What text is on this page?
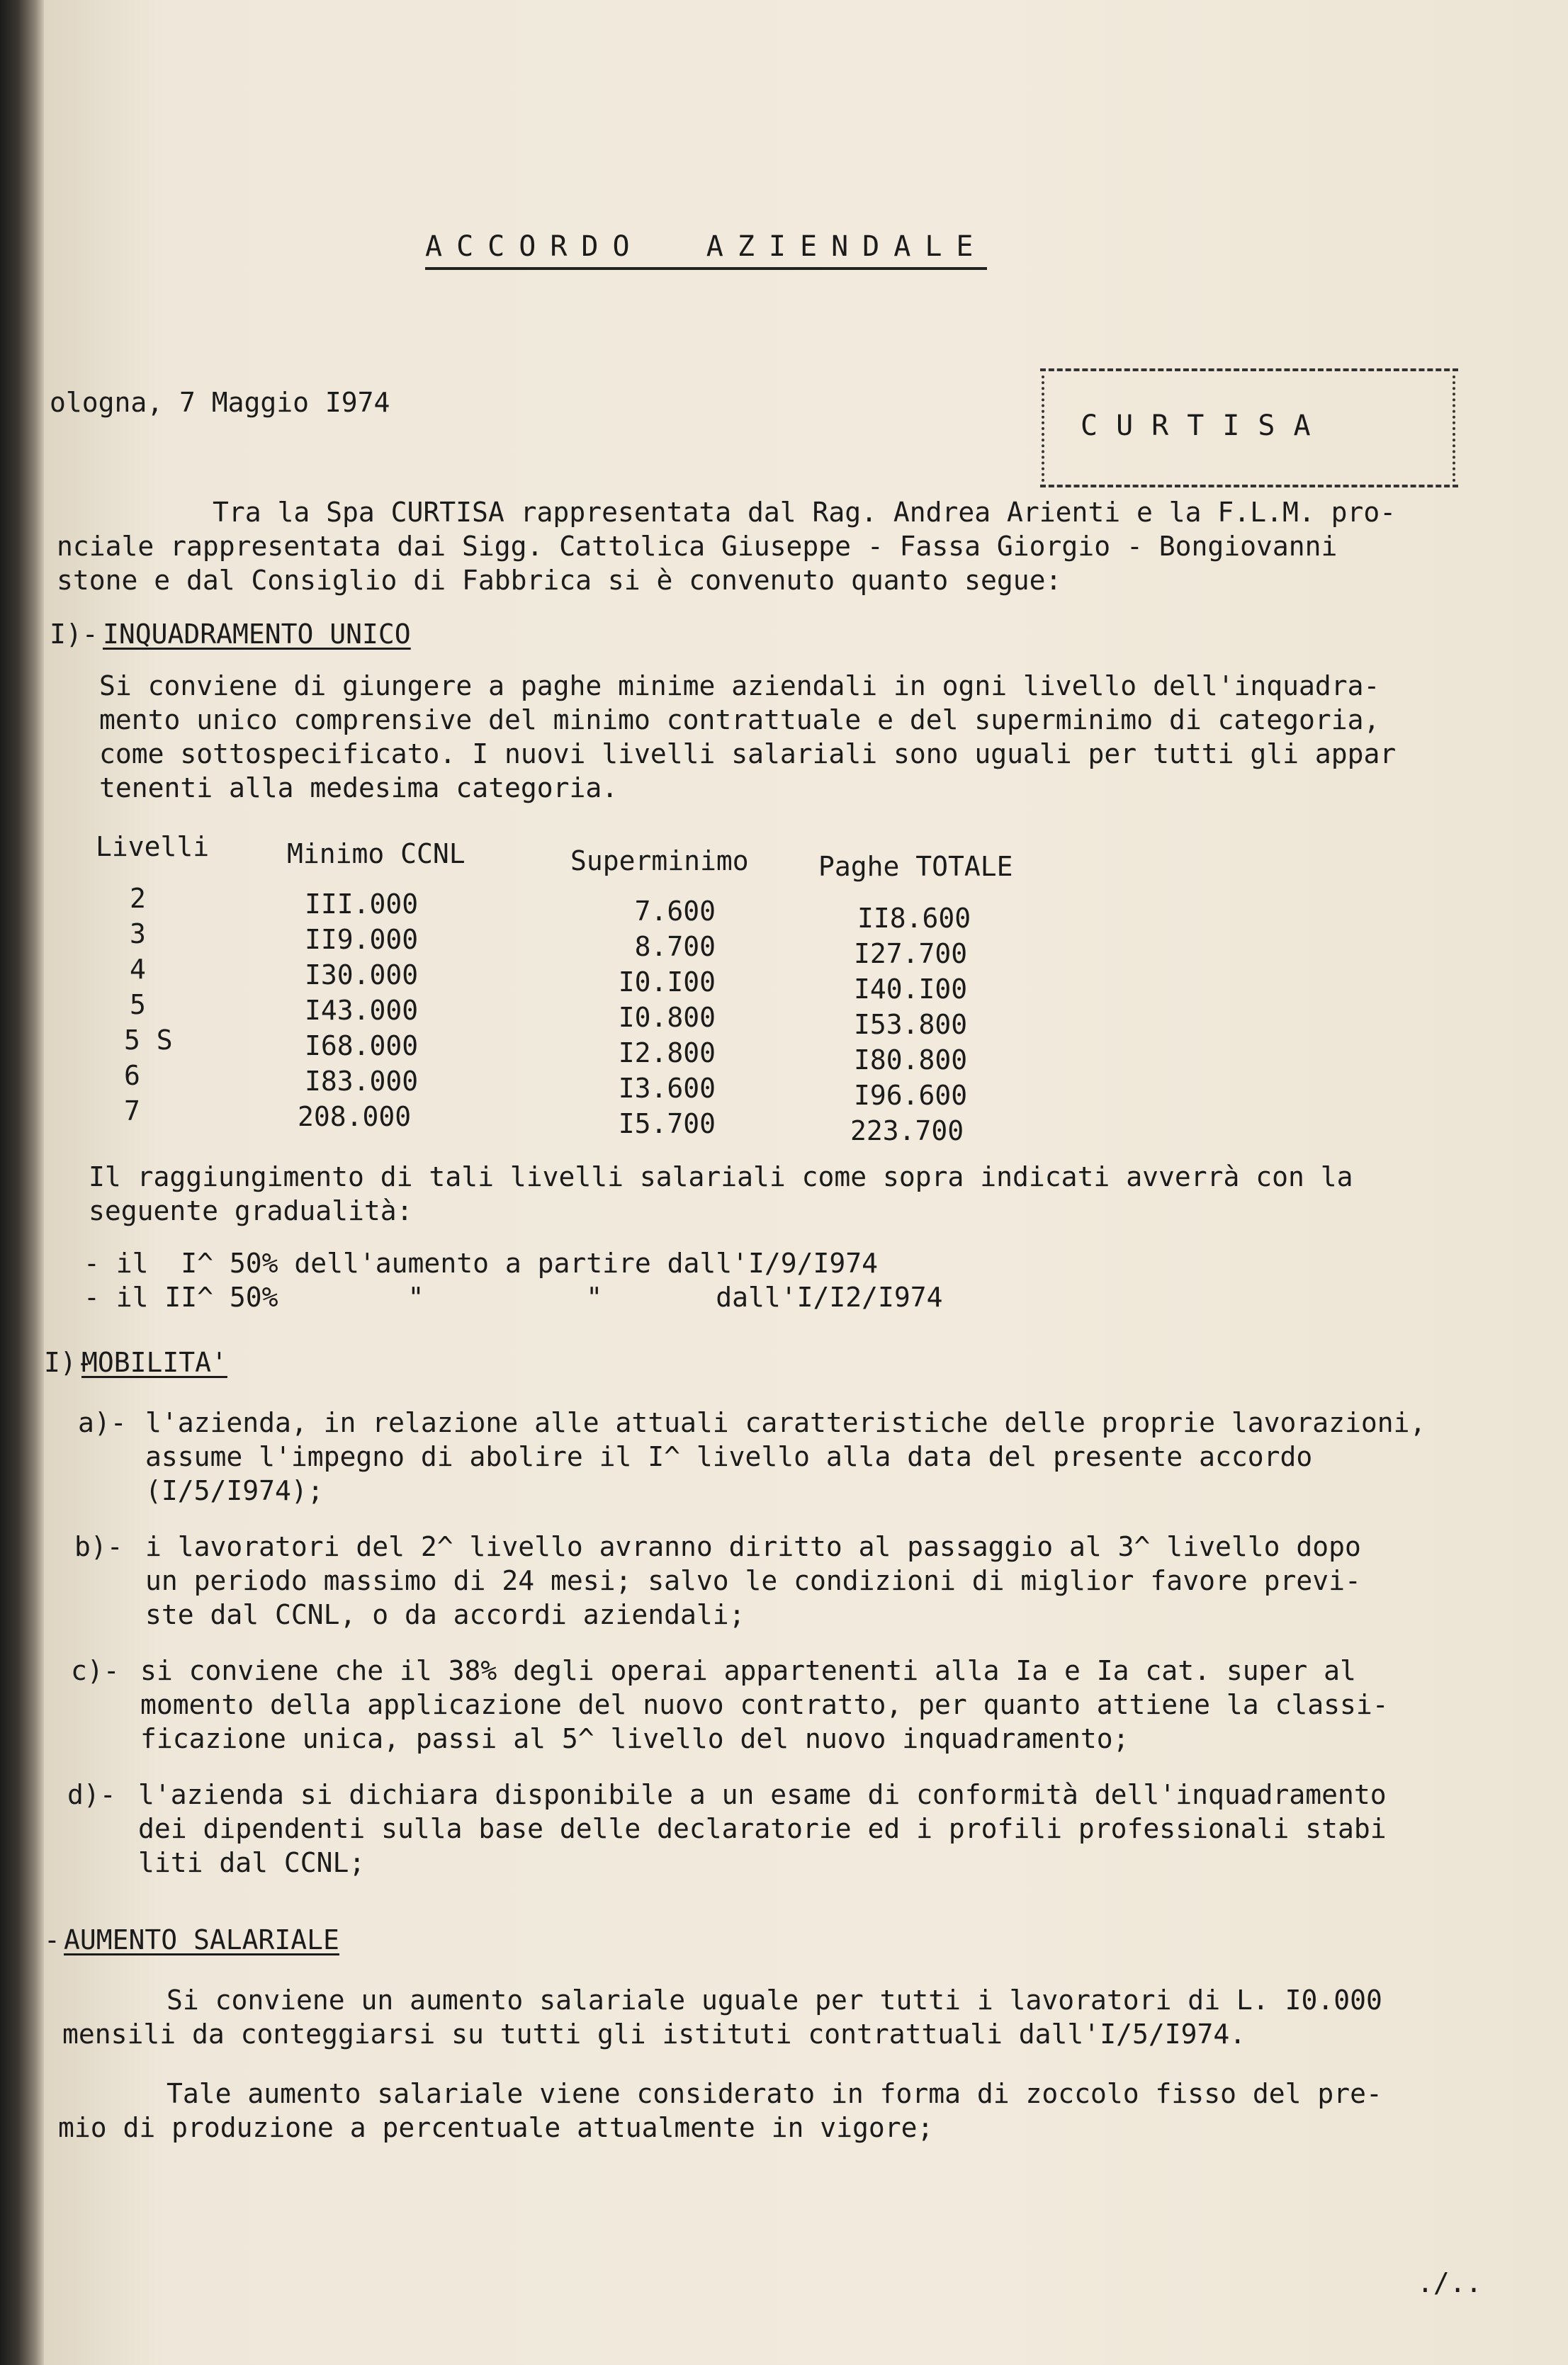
ACCORDO  AZIENDALE
ologna, 7 Maggio I974
CURTISA
Tra la Spa CURTISA rappresentata dal Rag. Andrea Arienti e la F.L.M. pro-
nciale rappresentata dai Sigg. Cattolica Giuseppe - Fassa Giorgio - Bongiovanni
stone e dal Consiglio di Fabbrica si è convenuto quanto segue:
I)- INQUADRAMENTO UNICO
Si conviene di giungere a paghe minime aziendali in ogni livello dell'inquadra-
mento unico comprensive del minimo contrattuale e del superminimo di categoria,
come sottospecificato. I nuovi livelli salariali sono uguali per tutti gli appar
tenenti alla medesima categoria.
Livelli	Minimo CCNL	Superminimo	Paghe TOTALE
2	III.000	7.600	II8.600
3	II9.000	8.700	I27.700
4	I30.000	I0.I00	I40.I00
5	I43.000	I0.800	I53.800
5 S	I68.000	I2.800	I80.800
6	I83.000	I3.600	I96.600
7	208.000	I5.700	223.700
Il raggiungimento di tali livelli salariali come sopra indicati avverrà con la
seguente gradualità:
- il  I^ 50% dell'aumento a partire dall'I/9/I974
- il II^ 50%        "          "       dall'I/I2/I974
I)-
MOBILITA'
a)- l'azienda, in relazione alle attuali caratteristiche delle proprie lavorazioni,
assume l'impegno di abolire il I^ livello alla data del presente accordo
(I/5/I974);
b)- i lavoratori del 2^ livello avranno diritto al passaggio al 3^ livello dopo
un periodo massimo di 24 mesi; salvo le condizioni di miglior favore previ-
ste dal CCNL, o da accordi aziendali;
c)- si conviene che il 38% degli operai appartenenti alla Ia e Ia cat. super al
momento della applicazione del nuovo contratto, per quanto attiene la classi-
ficazione unica, passi al 5^ livello del nuovo inquadramento;
d)- l'azienda si dichiara disponibile a un esame di conformità dell'inquadramento
dei dipendenti sulla base delle declaratorie ed i profili professionali stabi
liti dal CCNL;
- AUMENTO SALARIALE
Si conviene un aumento salariale uguale per tutti i lavoratori di L. I0.000
mensili da conteggiarsi su tutti gli istituti contrattuali dall'I/5/I974.
Tale aumento salariale viene considerato in forma di zoccolo fisso del pre-
mio di produzione a percentuale attualmente in vigore;
./..
